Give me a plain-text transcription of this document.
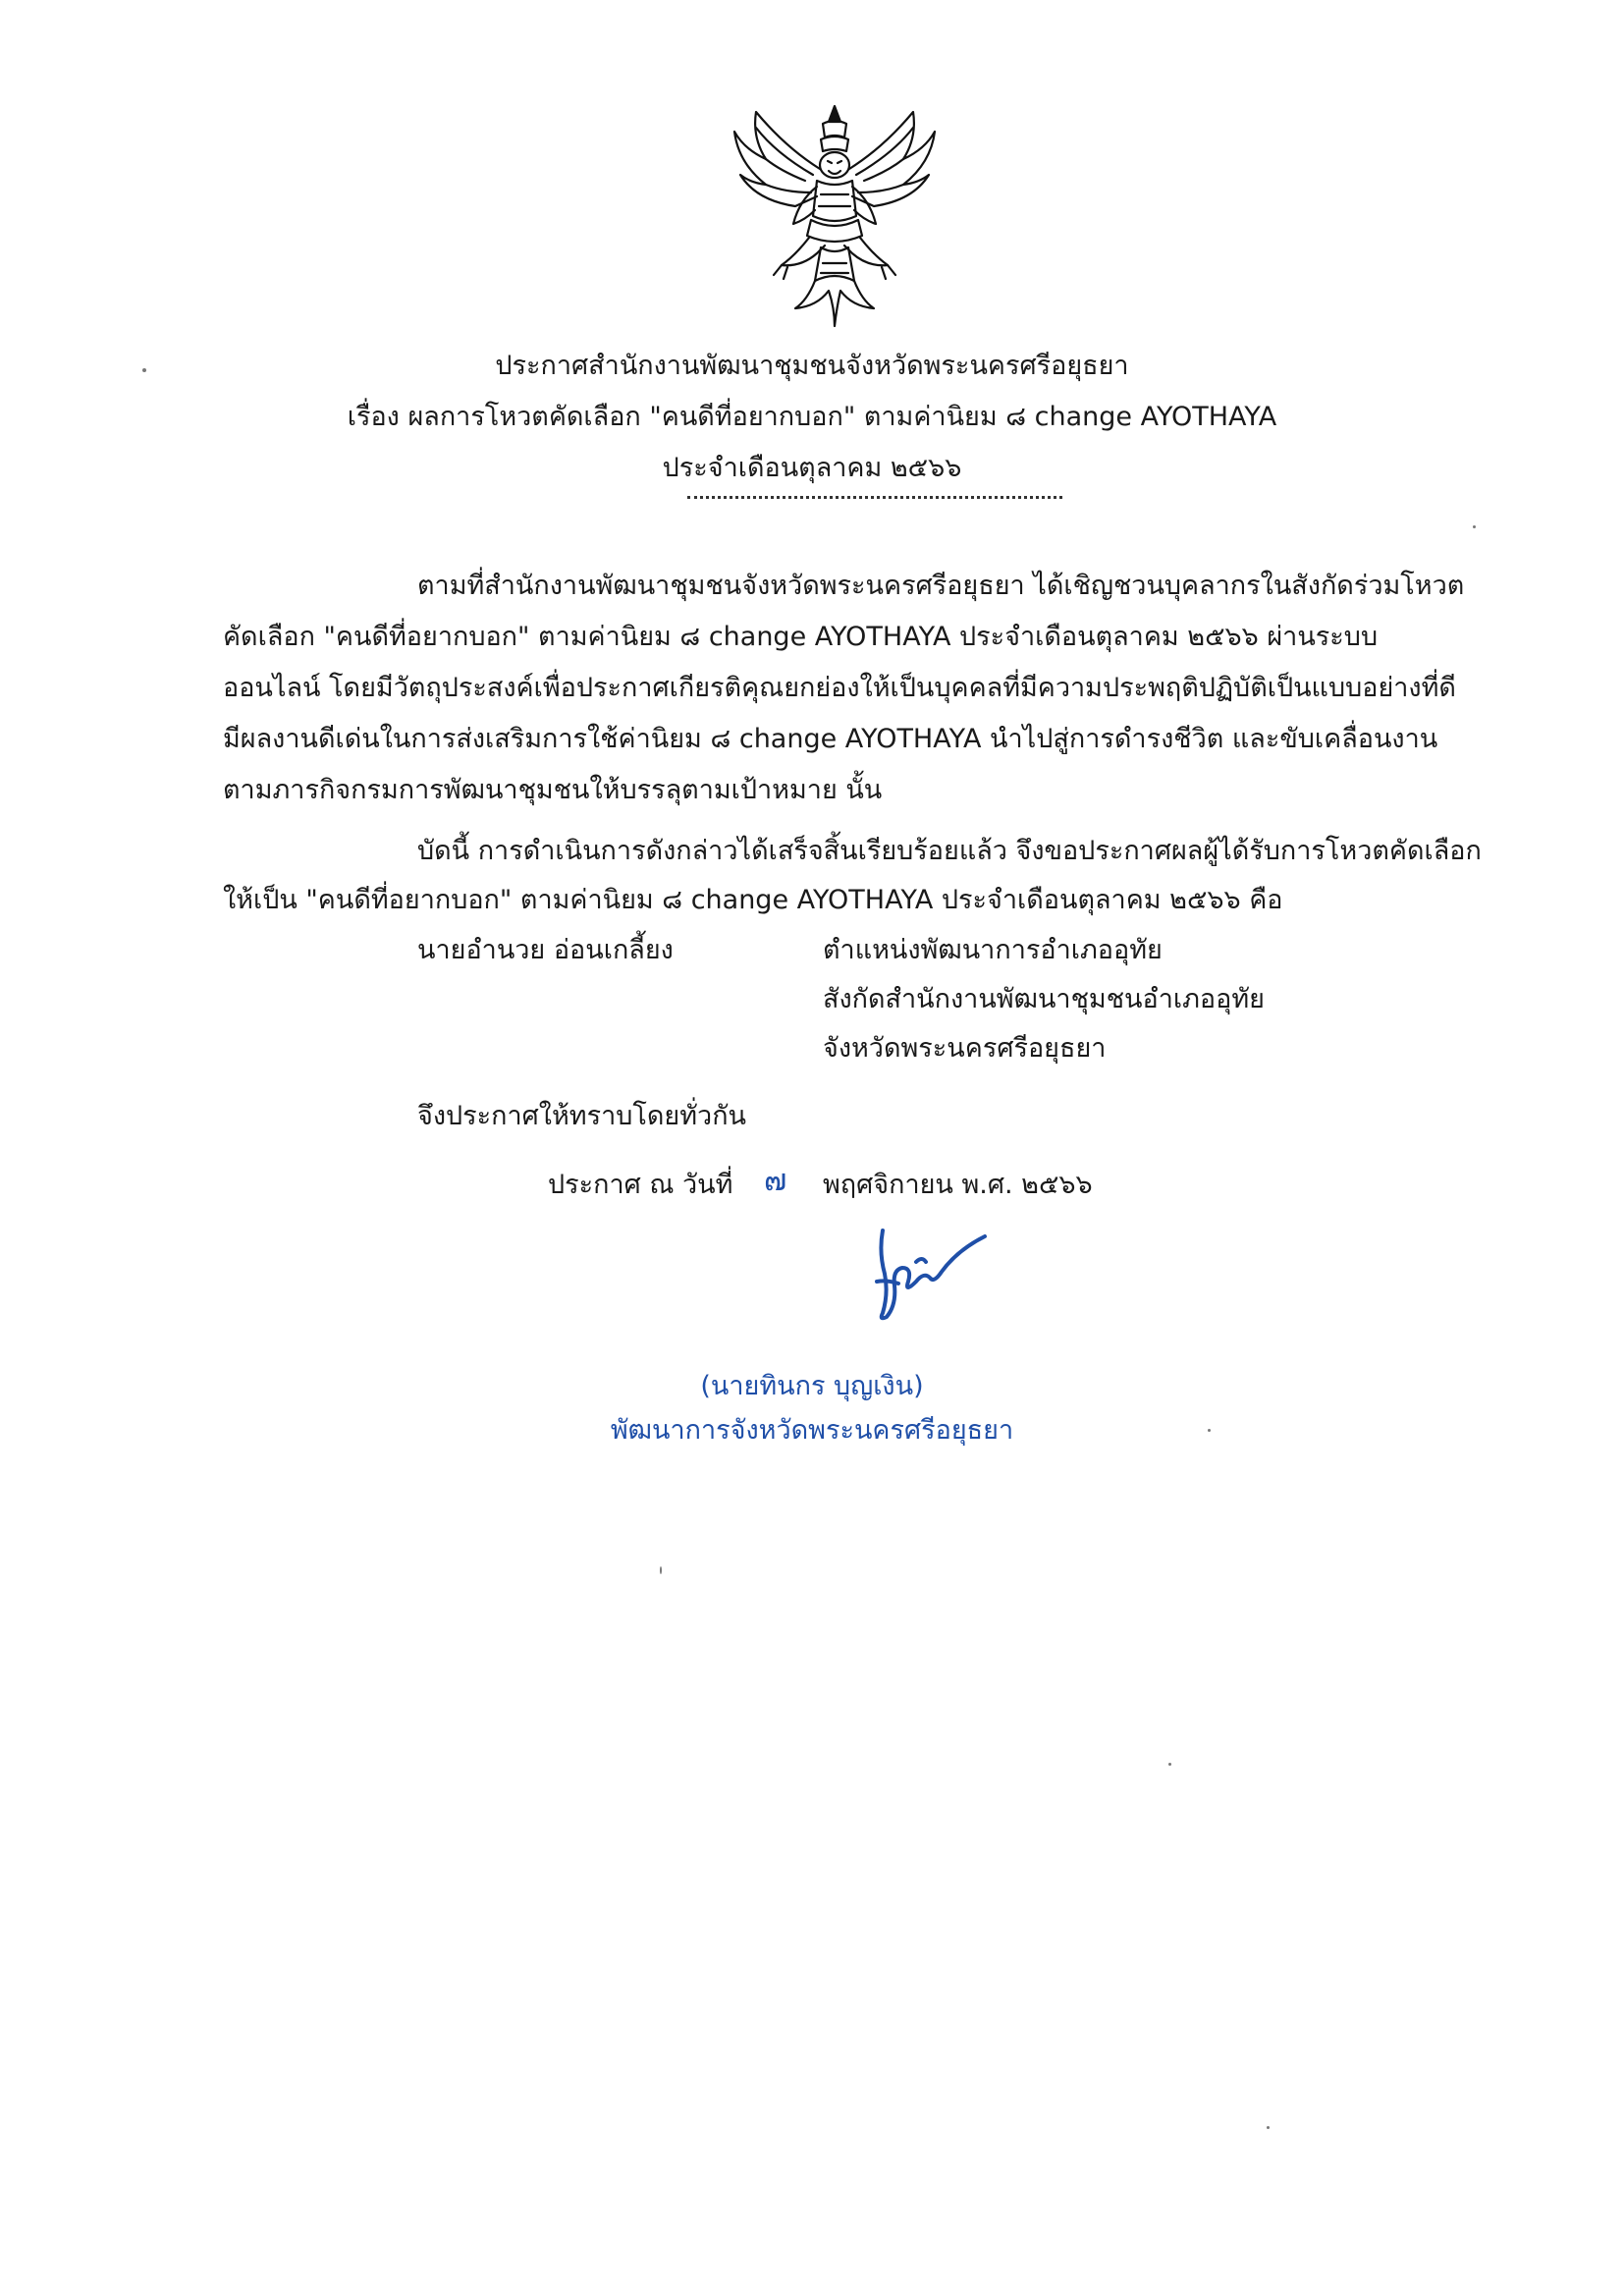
ประกาศสำนักงานพัฒนาชุมชนจังหวัดพระนครศรีอยุธยา
เรื่อง ผลการโหวตคัดเลือก "คนดีที่อยากบอก" ตามค่านิยม ๘ change AYOTHAYA
ประจำเดือนตุลาคม ๒๕๖๖
ตามที่สำนักงานพัฒนาชุมชนจังหวัดพระนครศรีอยุธยา ได้เชิญชวนบุคลากรในสังกัดร่วมโหวต
คัดเลือก "คนดีที่อยากบอก" ตามค่านิยม ๘ change AYOTHAYA ประจำเดือนตุลาคม ๒๕๖๖ ผ่านระบบ
ออนไลน์ โดยมีวัตถุประสงค์เพื่อประกาศเกียรติคุณยกย่องให้เป็นบุคคลที่มีความประพฤติปฏิบัติเป็นแบบอย่างที่ดี
มีผลงานดีเด่นในการส่งเสริมการใช้ค่านิยม ๘ change AYOTHAYA นำไปสู่การดำรงชีวิต และขับเคลื่อนงาน
ตามภารกิจกรมการพัฒนาชุมชนให้บรรลุตามเป้าหมาย นั้น
บัดนี้ การดำเนินการดังกล่าวได้เสร็จสิ้นเรียบร้อยแล้ว จึงขอประกาศผลผู้ได้รับการโหวตคัดเลือก
ให้เป็น "คนดีที่อยากบอก" ตามค่านิยม ๘ change AYOTHAYA ประจำเดือนตุลาคม ๒๕๖๖ คือ
นายอำนวย อ่อนเกลี้ยง	ตำแหน่งพัฒนาการอำเภออุทัย
สังกัดสำนักงานพัฒนาชุมชนอำเภออุทัย
จังหวัดพระนครศรีอยุธยา
จึงประกาศให้ทราบโดยทั่วกัน
ประกาศ ณ วันที่ ๗ พฤศจิกายน พ.ศ. ๒๕๖๖
(นายทินกร บุญเงิน)
พัฒนาการจังหวัดพระนครศรีอยุธยา
